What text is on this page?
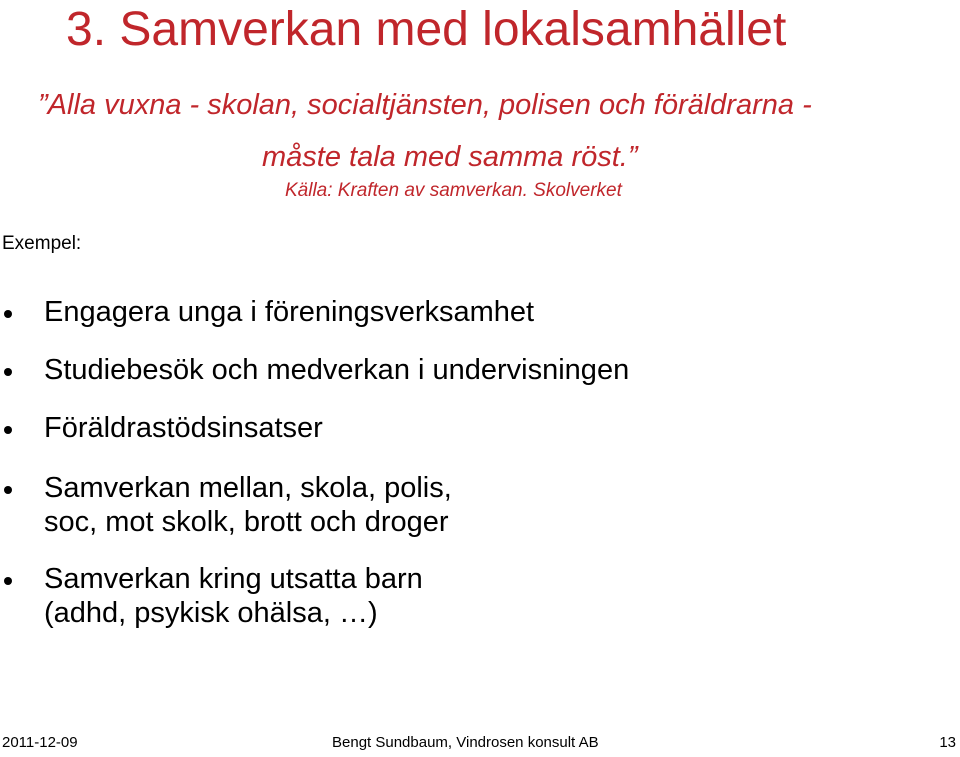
3. Samverkan med lokalsamhället
”Alla vuxna - skolan, socialtjänsten, polisen och föräldrarna -
måste tala med samma röst.”
Källa: Kraften av samverkan. Skolverket
Exempel:
Engagera unga i föreningsverksamhet
Studiebesök och medverkan i undervisningen
Föräldrastödsinsatser
Samverkan mellan, skola, polis,
soc, mot skolk, brott och droger
Samverkan kring utsatta barn
(adhd, psykisk ohälsa, …)
2011-12-09	Bengt Sundbaum, Vindrosen konsult AB	13
